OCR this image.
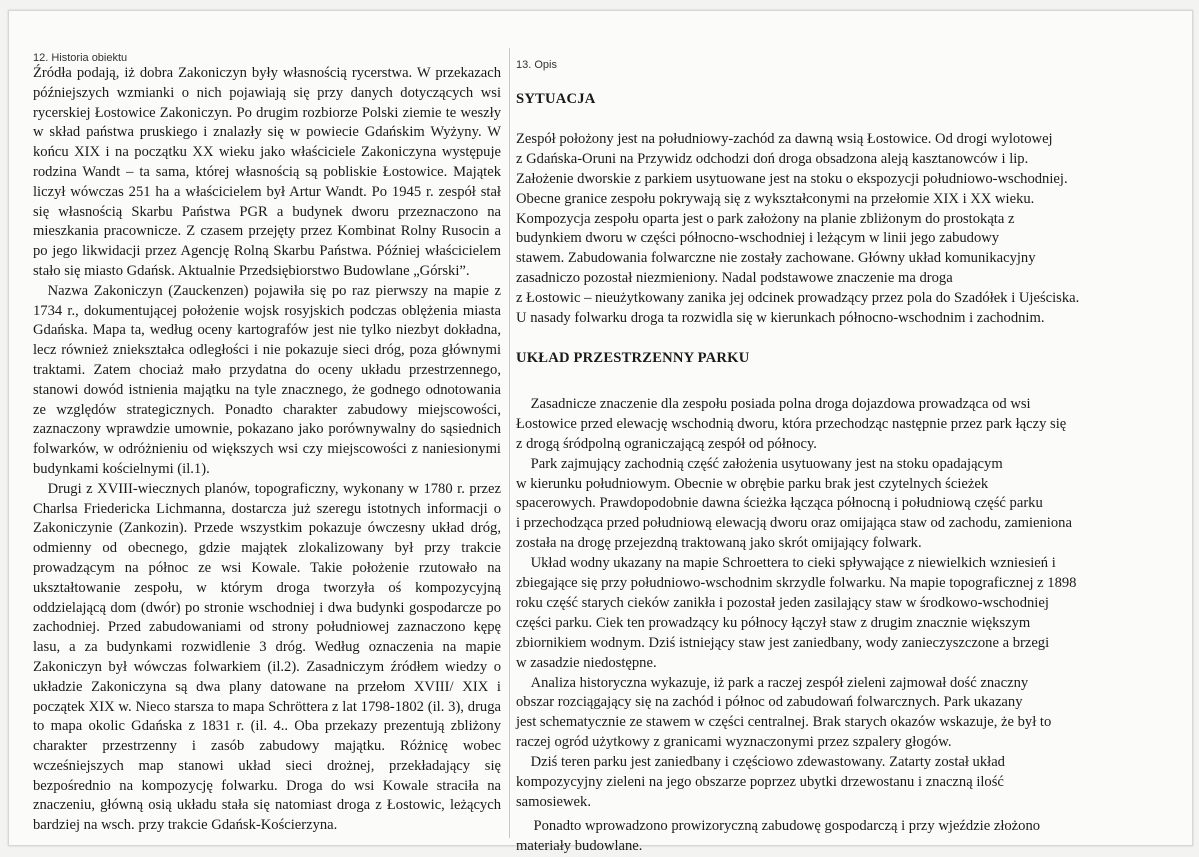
12. Historia obiektu
13. Opis

Źródła podają, iż dobra Zakoniczyn były własnością rycerstwa. W przekazach późniejszych wzmianki o nich pojawiają się przy danych dotyczących wsi rycerskiej Łostowice Zakoniczyn. Po drugim rozbiorze Polski ziemie te weszły w skład państwa pruskiego i znalazły się w powiecie Gdańskim Wyżyny. W końcu XIX i na początku XX wieku jako właściciele Zakoniczyna występuje rodzina Wandt – ta sama, której własnością są pobliskie Łostowice. Majątek liczył wówczas 251 ha a właścicielem był Artur Wandt. Po 1945 r. zespół stał się własnością Skarbu Państwa PGR a budynek dworu przeznaczono na mieszkania pracownicze. Z czasem przejęty przez Kombinat Rolny Rusocin a po jego likwidacji przez Agencję Rolną Skarbu Państwa. Później właścicielem stało się miasto Gdańsk. Aktualnie Przedsiębiorstwo Budowlane „Górski”.

Nazwa Zakoniczyn (Zauckenzen) pojawiła się po raz pierwszy na mapie z 1734 r., dokumentującej położenie wojsk rosyjskich podczas oblężenia miasta Gdańska. Mapa ta, według oceny kartografów jest nie tylko niezbyt dokładna, lecz również zniekształca odległości i nie pokazuje sieci dróg, poza głównymi traktami. Zatem chociaż mało przydatna do oceny układu przestrzennego, stanowi dowód istnienia majątku na tyle znacznego, że godnego odnotowania ze względów strategicznych. Ponadto charakter zabudowy miejscowości, zaznaczony wprawdzie umownie, pokazano jako porównywalny do sąsiednich folwarków, w odróżnieniu od większych wsi czy miejscowości z naniesionymi budynkami kościelnymi (il.1).

Drugi z XVIII-wiecznych planów, topograficzny, wykonany w 1780 r. przez Charlsa Friedericka Lichmanna, dostarcza już szeregu istotnych informacji o Zakoniczynie (Zankozin). Przede wszystkim pokazuje ówczesny układ dróg, odmienny od obecnego, gdzie majątek zlokalizowany był przy trakcie prowadzącym na północ ze wsi Kowale. Takie położenie rzutowało na ukształtowanie zespołu, w którym droga tworzyła oś kompozycyjną oddzielającą dom (dwór) po stronie wschodniej i dwa budynki gospodarcze po zachodniej. Przed zabudowaniami od strony południowej zaznaczono kępę lasu, a za budynkami rozwidlenie 3 dróg. Według oznaczenia na mapie Zakoniczyn był wówczas folwarkiem (il.2). Zasadniczym źródłem wiedzy o układzie Zakoniczyna są dwa plany datowane na przełom XVIII/ XIX i początek XIX w. Nieco starsza to mapa Schröttera z lat 1798-1802 (il. 3), druga to mapa okolic Gdańska z 1831 r. (il. 4.. Oba przekazy prezentują zbliżony charakter przestrzenny i zasób zabudowy majątku. Różnicę wobec wcześniejszych map stanowi układ sieci drożnej, przekładający się bezpośrednio na kompozycję folwarku. Droga do wsi Kowale straciła na znaczeniu, główną osią układu stała się natomiast droga z Łostowic, leżących bardziej na wsch. przy trakcie Gdańsk-Kościerzyna.

SYTUACJA

Zespół położony jest na południowy-zachód za dawną wsią Łostowice. Od drogi wylotowej

z Gdańska-Oruni na Przywidz odchodzi doń droga obsadzona aleją kasztanowców i lip.

Założenie dworskie z parkiem usytuowane jest na stoku o ekspozycji południowo-wschodniej.

Obecne granice zespołu pokrywają się z wykształconymi na przełomie XIX i XX wieku.

Kompozycja zespołu oparta jest o park założony na planie zbliżonym do prostokąta z

budynkiem dworu w części północno-wschodniej i leżącym w linii jego zabudowy

stawem. Zabudowania folwarczne nie zostały zachowane. Główny układ komunikacyjny

zasadniczo pozostał niezmieniony. Nadal podstawowe znaczenie ma droga

z Łostowic – nieużytkowany zanika jej odcinek prowadzący przez pola do Szadółek i Ujeściska.

U nasady folwarku droga ta rozwidla się w kierunkach północno-wschodnim i zachodnim.

UKŁAD PRZESTRZENNY PARKU

Zasadnicze znaczenie dla zespołu posiada polna droga dojazdowa prowadząca od wsi

Łostowice przed elewację wschodnią dworu, która przechodząc następnie przez park łączy się

z drogą śródpolną ograniczającą zespół od północy.

Park zajmujący zachodnią część założenia usytuowany jest na stoku opadającym

w kierunku południowym. Obecnie w obrębie parku brak jest czytelnych ścieżek

spacerowych. Prawdopodobnie dawna ścieżka łącząca północną i południową część parku

i przechodząca przed południową elewacją dworu oraz omijająca staw od zachodu, zamieniona

została na drogę przejezdną traktowaną jako skrót omijający folwark.

Układ wodny ukazany na mapie Schroettera to cieki spływające z niewielkich wzniesień i

zbiegające się przy południowo-wschodnim skrzydle folwarku. Na mapie topograficznej z 1898

roku część starych cieków zanikła i pozostał jeden zasilający staw w środkowo-wschodniej

części parku. Ciek ten prowadzący ku północy łączył staw z drugim znacznie większym

zbiornikiem wodnym. Dziś istniejący staw jest zaniedbany, wody zanieczyszczone a brzegi

w zasadzie niedostępne.

Analiza historyczna wykazuje, iż park a raczej zespół zieleni zajmował dość znaczny

obszar rozciągający się na zachód i północ od zabudowań folwarcznych. Park ukazany

jest schematycznie ze stawem w części centralnej. Brak starych okazów wskazuje, że był to

raczej ogród użytkowy z granicami wyznaczonymi przez szpalery głogów.

Dziś teren parku jest zaniedbany i częściowo zdewastowany. Zatarty został układ

kompozycyjny zieleni na jego obszarze poprzez ubytki drzewostanu i znaczną ilość

samosiewek.

Ponadto wprowadzono prowizoryczną zabudowę gospodarczą i przy wjeździe złożono

materiały budowlane.
